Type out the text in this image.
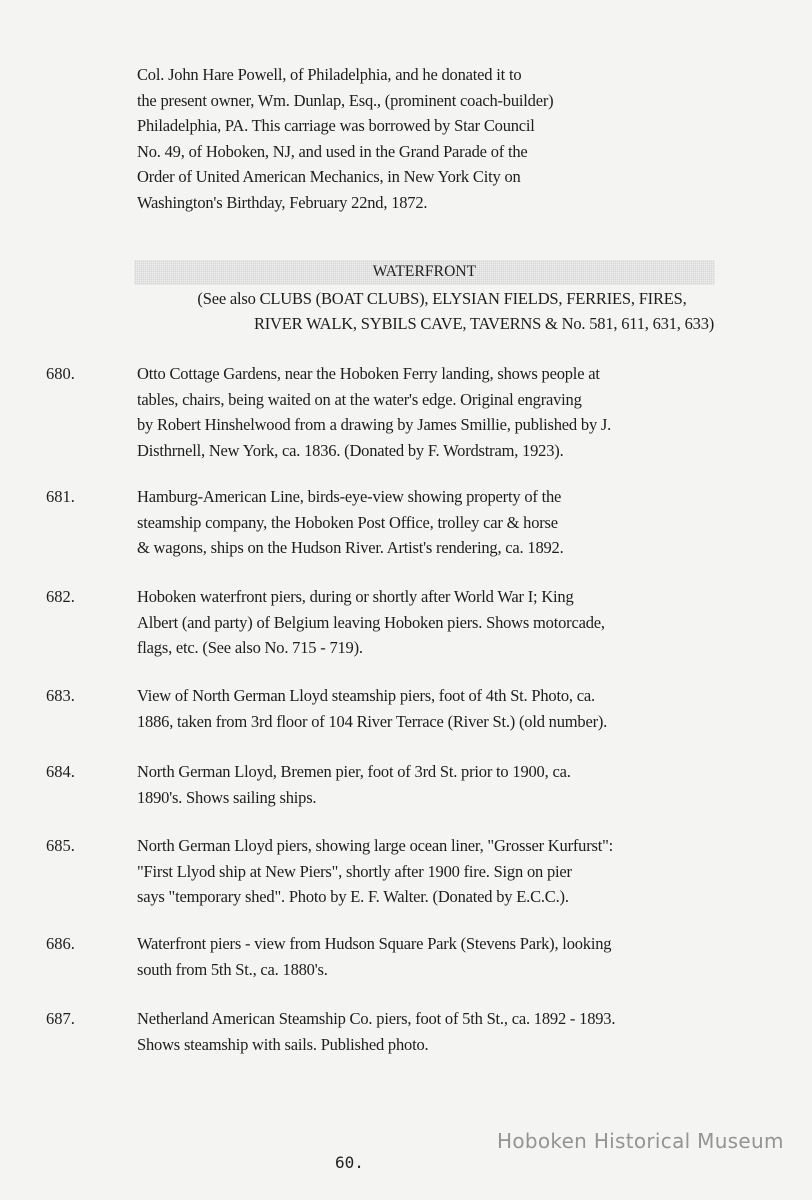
Col. John Hare Powell, of Philadelphia, and he donated it to
the present owner, Wm. Dunlap, Esq., (prominent coach-builder)
Philadelphia, PA. This carriage was borrowed by Star Council
No. 49, of Hoboken, NJ, and used in the Grand Parade of the
Order of United American Mechanics, in New York City on
Washington's Birthday, February 22nd, 1872.
WATERFRONT
(See also CLUBS (BOAT CLUBS), ELYSIAN FIELDS, FERRIES, FIRES,
RIVER WALK, SYBILS CAVE, TAVERNS & No. 581, 611, 631, 633)
680.	Otto Cottage Gardens, near the Hoboken Ferry landing, shows people at
tables, chairs, being waited on at the water's edge. Original engraving
by Robert Hinshelwood from a drawing by James Smillie, published by J.
Disthrnell, New York, ca. 1836. (Donated by F. Wordstram, 1923).
681.	Hamburg-American Line, birds-eye-view showing property of the
steamship company, the Hoboken Post Office, trolley car & horse
& wagons, ships on the Hudson River. Artist's rendering, ca. 1892.
682.	Hoboken waterfront piers, during or shortly after World War I; King
Albert (and party) of Belgium leaving Hoboken piers. Shows motorcade,
flags, etc. (See also No. 715 - 719).
683.	View of North German Lloyd steamship piers, foot of 4th St. Photo, ca.
1886, taken from 3rd floor of 104 River Terrace (River St.) (old number).
684.	North German Lloyd, Bremen pier, foot of 3rd St. prior to 1900, ca.
1890's. Shows sailing ships.
685.	North German Lloyd piers, showing large ocean liner, "Grosser Kurfurst":
"First Llyod ship at New Piers", shortly after 1900 fire. Sign on pier
says "temporary shed". Photo by E. F. Walter. (Donated by E.C.C.).
686.	Waterfront piers - view from Hudson Square Park (Stevens Park), looking
south from 5th St., ca. 1880's.
687.	Netherland American Steamship Co. piers, foot of 5th St., ca. 1892 - 1893.
Shows steamship with sails. Published photo.
Hoboken Historical Museum
60.
